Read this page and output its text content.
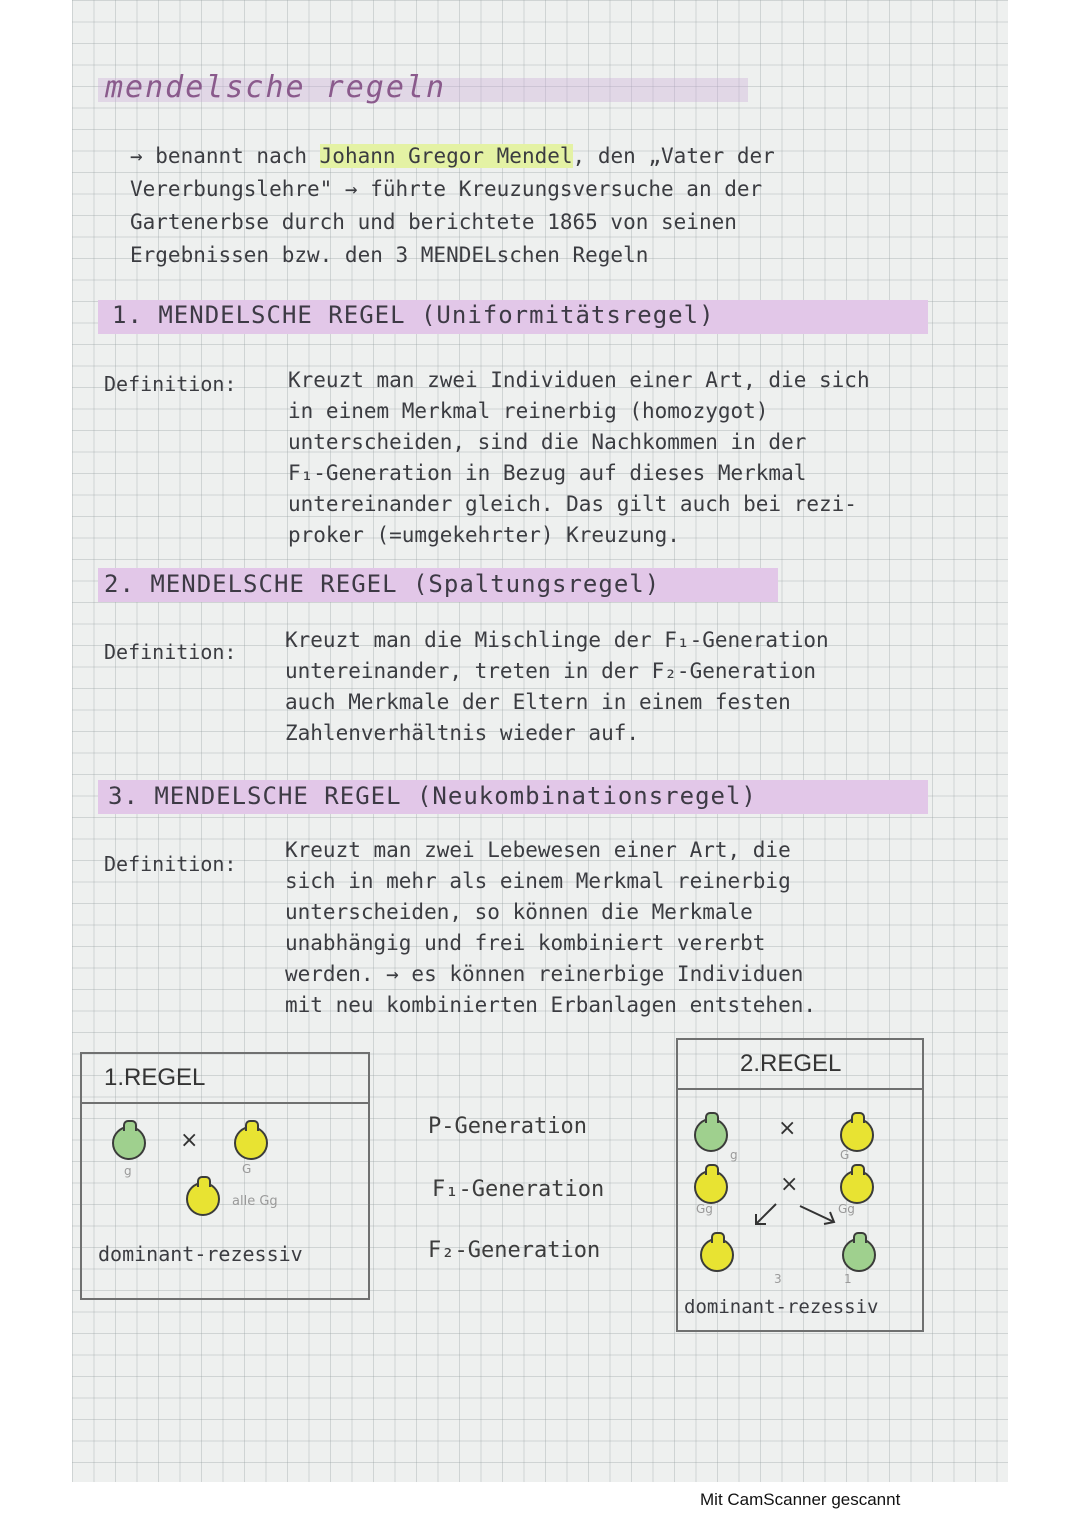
mendelsche regeln
→ benannt nach Johann Gregor Mendel, den „Vater der
Vererbungslehre" → führte Kreuzungsversuche an der
Gartenerbse durch und berichtete 1865 von seinen
Ergebnissen bzw. den 3 MENDELschen Regeln
1. MENDELSCHE REGEL (Uniformitätsregel)
Definition: Kreuzt man zwei Individuen einer Art, die sich
in einem Merkmal reinerbig (homozygot)
unterscheiden, sind die Nachkommen in der
F₁-Generation in Bezug auf dieses Merkmal
untereinander gleich. Das gilt auch bei rezi-
proker (=umgekehrter) Kreuzung.
2. MENDELSCHE REGEL (Spaltungsregel)
Definition: Kreuzt man die Mischlinge der F₁-Generation
untereinander, treten in der F₂-Generation
auch Merkmale der Eltern in einem festen
Zahlenverhältnis wieder auf.
3. MENDELSCHE REGEL (Neukombinationsregel)
Definition:
Kreuzt man zwei Lebewesen einer Art, die
sich in mehr als einem Merkmal reinerbig
unterscheiden, so können die Merkmale
unabhängig und frei kombiniert vererbt
werden. → es können reinerbige Individuen
mit neu kombinierten Erbanlagen entstehen.
1.REGEL
g
×
G
alle Gg
dominant-rezessiv
P-Generation
F₁-Generation
F₂-Generation
2.REGEL
g
×
G
Gg
×
Gg
3	1
dominant-rezessiv
Mit CamScanner gescannt
